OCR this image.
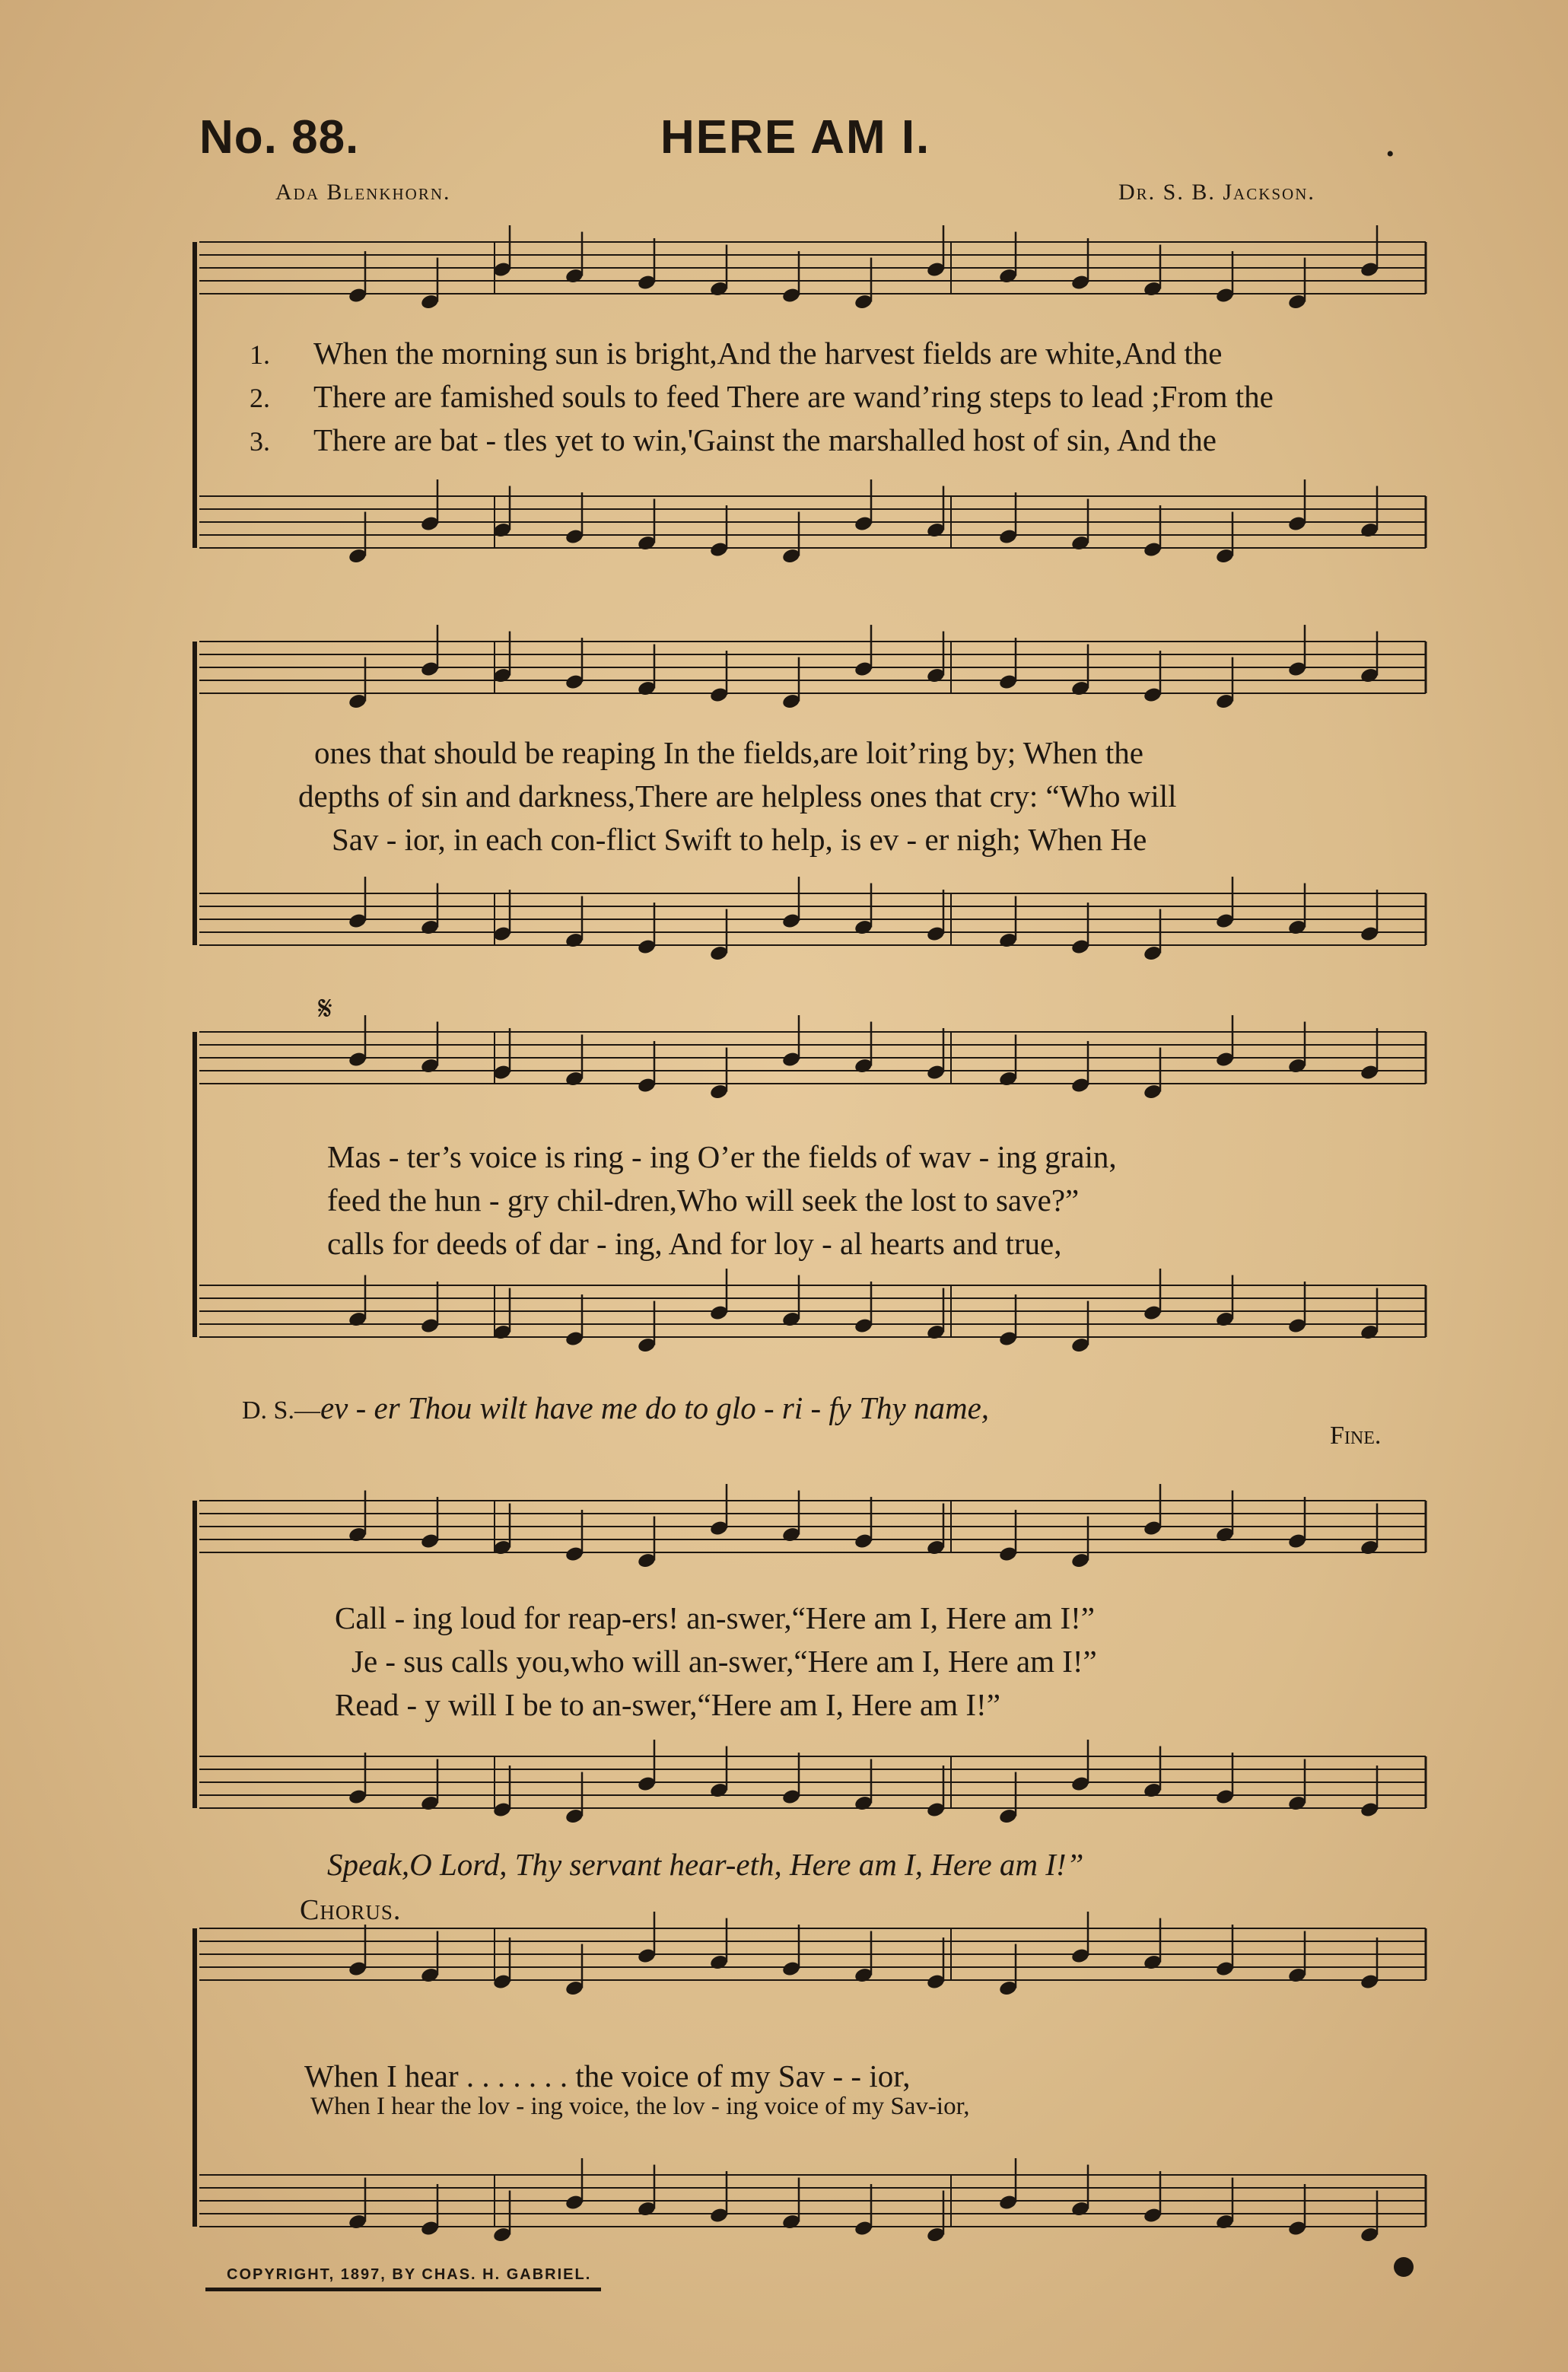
No. 88.	HERE AM I.
Ada Blenkhorn.	Dr. S. B. Jackson.
•
1. When the morning sun is bright,And the harvest fields are white,And the
2. There are famished souls to feed There are wand’ring steps to lead ;From the
3. There are bat - tles yet to win,'Gainst the marshalled host of sin, And the
ones that should be reaping In the fields,are loit’ring by; When the
depths of sin and darkness,There are helpless ones that cry: “Who will
Sav - ior, in each con-flict Swift to help, is ev - er nigh; When He
𝄋
Mas - ter’s voice is ring - ing O’er the fields of wav - ing grain,
feed the hun - gry chil-dren,Who will seek the lost to save?”
calls for deeds of dar - ing, And for loy - al hearts and true,
D. S.—ev - er Thou wilt have me do to glo - ri - fy Thy name,
Fine.
Call - ing loud for reap-ers! an-swer,“Here am I, Here am I!”
Je - sus calls you,who will an-swer,“Here am I, Here am I!”
Read - y will I be to an-swer,“Here am I, Here am I!”
Speak,O Lord, Thy servant hear-eth, Here am I, Here am I!”
Chorus.
When I hear . . . . . . . the voice of my Sav - - ior,
When I hear the lov - ing voice, the lov - ing voice of my Sav-ior,
COPYRIGHT, 1897, BY CHAS. H. GABRIEL.
